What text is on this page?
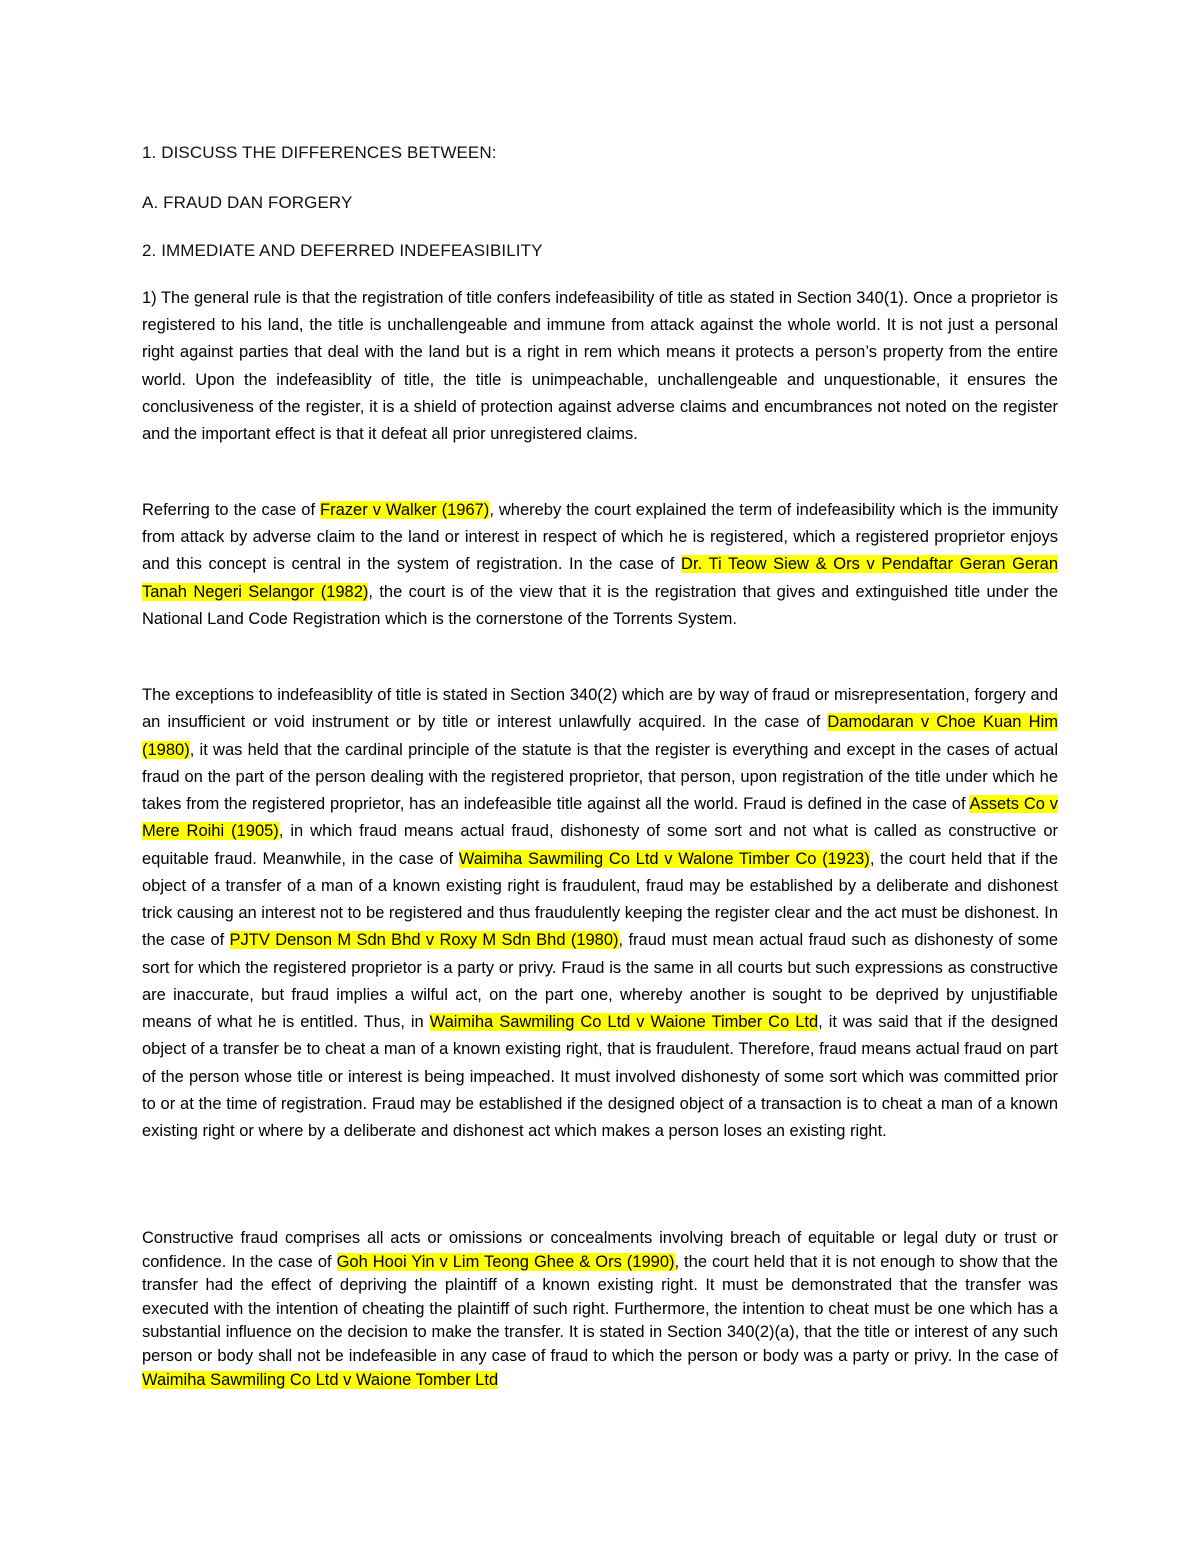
1. DISCUSS THE DIFFERENCES BETWEEN:

A. FRAUD DAN FORGERY

2. IMMEDIATE AND DEFERRED INDEFEASIBILITY

1) The general rule is that the registration of title confers indefeasibility of title as stated in Section 340(1). Once a proprietor is registered to his land, the title is unchallengeable and immune from attack against the whole world. It is not just a personal right against parties that deal with the land but is a right in rem which means it protects a person’s property from the entire world. Upon the indefeasiblity of title, the title is unimpeachable, unchallengeable and unquestionable, it ensures the conclusiveness of the register, it is a shield of protection against adverse claims and encumbrances not noted on the register and the important effect is that it defeat all prior unregistered claims.

Referring to the case of Frazer v Walker (1967), whereby the court explained the term of indefeasibility which is the immunity from attack by adverse claim to the land or interest in respect of which he is registered, which a registered proprietor enjoys and this concept is central in the system of registration. In the case of Dr. Ti Teow Siew & Ors v Pendaftar Geran Geran Tanah Negeri Selangor (1982), the court is of the view that it is the registration that gives and extinguished title under the National Land Code Registration which is the cornerstone of the Torrents System.

The exceptions to indefeasiblity of title is stated in Section 340(2) which are by way of fraud or misrepresentation, forgery and an insufficient or void instrument or by title or interest unlawfully acquired. In the case of Damodaran v Choe Kuan Him (1980), it was held that the cardinal principle of the statute is that the register is everything and except in the cases of actual fraud on the part of the person dealing with the registered proprietor, that person, upon registration of the title under which he takes from the registered proprietor, has an indefeasible title against all the world. Fraud is defined in the case of Assets Co v Mere Roihi (1905), in which fraud means actual fraud, dishonesty of some sort and not what is called as constructive or equitable fraud. Meanwhile, in the case of Waimiha Sawmiling Co Ltd v Walone Timber Co (1923), the court held that if the object of a transfer of a man of a known existing right is fraudulent, fraud may be established by a deliberate and dishonest trick causing an interest not to be registered and thus fraudulently keeping the register clear and the act must be dishonest. In the case of PJTV Denson M Sdn Bhd v Roxy M Sdn Bhd (1980), fraud must mean actual fraud such as dishonesty of some sort for which the registered proprietor is a party or privy. Fraud is the same in all courts but such expressions as constructive are inaccurate, but fraud implies a wilful act, on the part one, whereby another is sought to be deprived by unjustifiable means of what he is entitled. Thus, in Waimiha Sawmiling Co Ltd v Waione Timber Co Ltd, it was said that if the designed object of a transfer be to cheat a man of a known existing right, that is fraudulent. Therefore, fraud means actual fraud on part of the person whose title or interest is being impeached. It must involved dishonesty of some sort which was committed prior to or at the time of registration. Fraud may be established if the designed object of a transaction is to cheat a man of a known existing right or where by a deliberate and dishonest act which makes a person loses an existing right.

Constructive fraud comprises all acts or omissions or concealments involving breach of equitable or legal duty or trust or confidence. In the case of Goh Hooi Yin v Lim Teong Ghee & Ors (1990), the court held that it is not enough to show that the transfer had the effect of depriving the plaintiff of a known existing right. It must be demonstrated that the transfer was executed with the intention of cheating the plaintiff of such right. Furthermore, the intention to cheat must be one which has a substantial influence on the decision to make the transfer. It is stated in Section 340(2)(a), that the title or interest of any such person or body shall not be indefeasible in any case of fraud to which the person or body was a party or privy. In the case of Waimiha Sawmiling Co Ltd v Waione Tomber Ltd
